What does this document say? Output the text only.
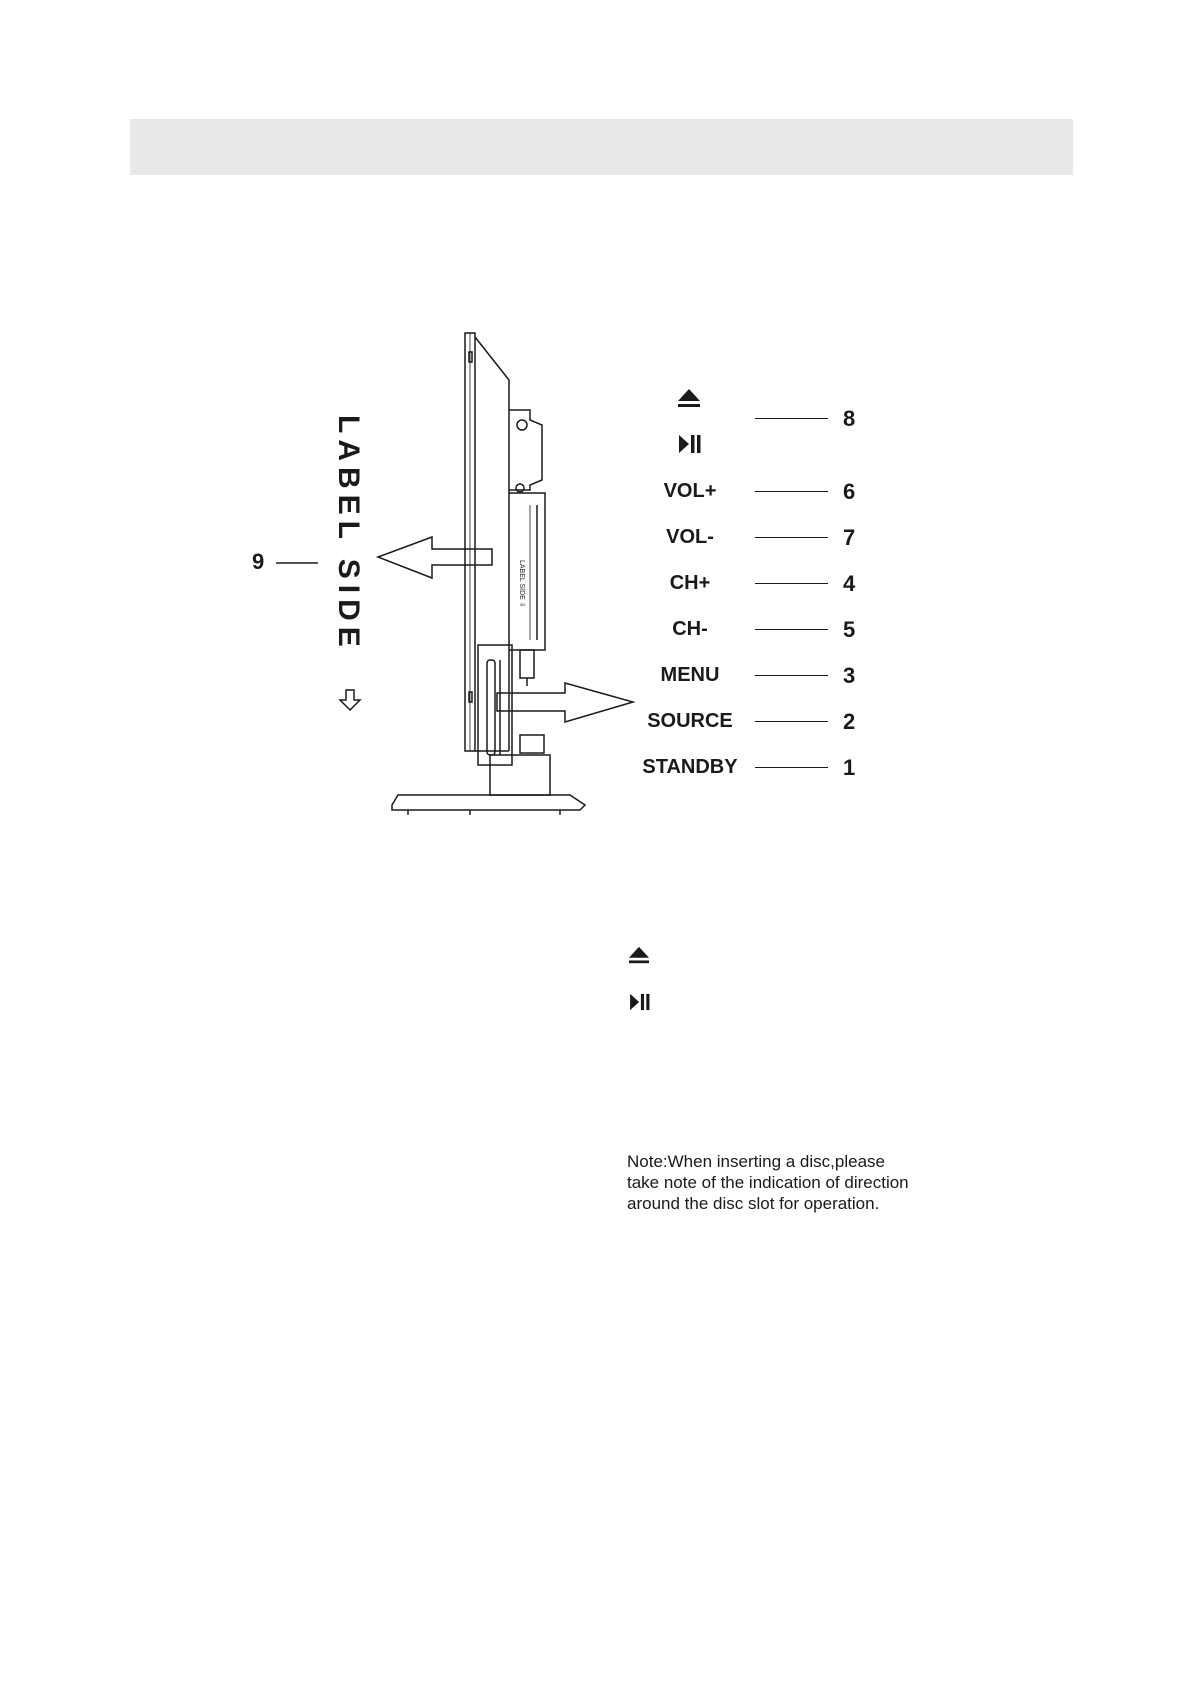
LABEL SIDE ⇩
LABEL SIDE
9
8
VOL+	6
VOL-	7
CH+	4
CH-	5
MENU	3
SOURCE	2
STANDBY	1
Note:When inserting a disc,please
take note of the indication of direction
around the disc slot for operation.
